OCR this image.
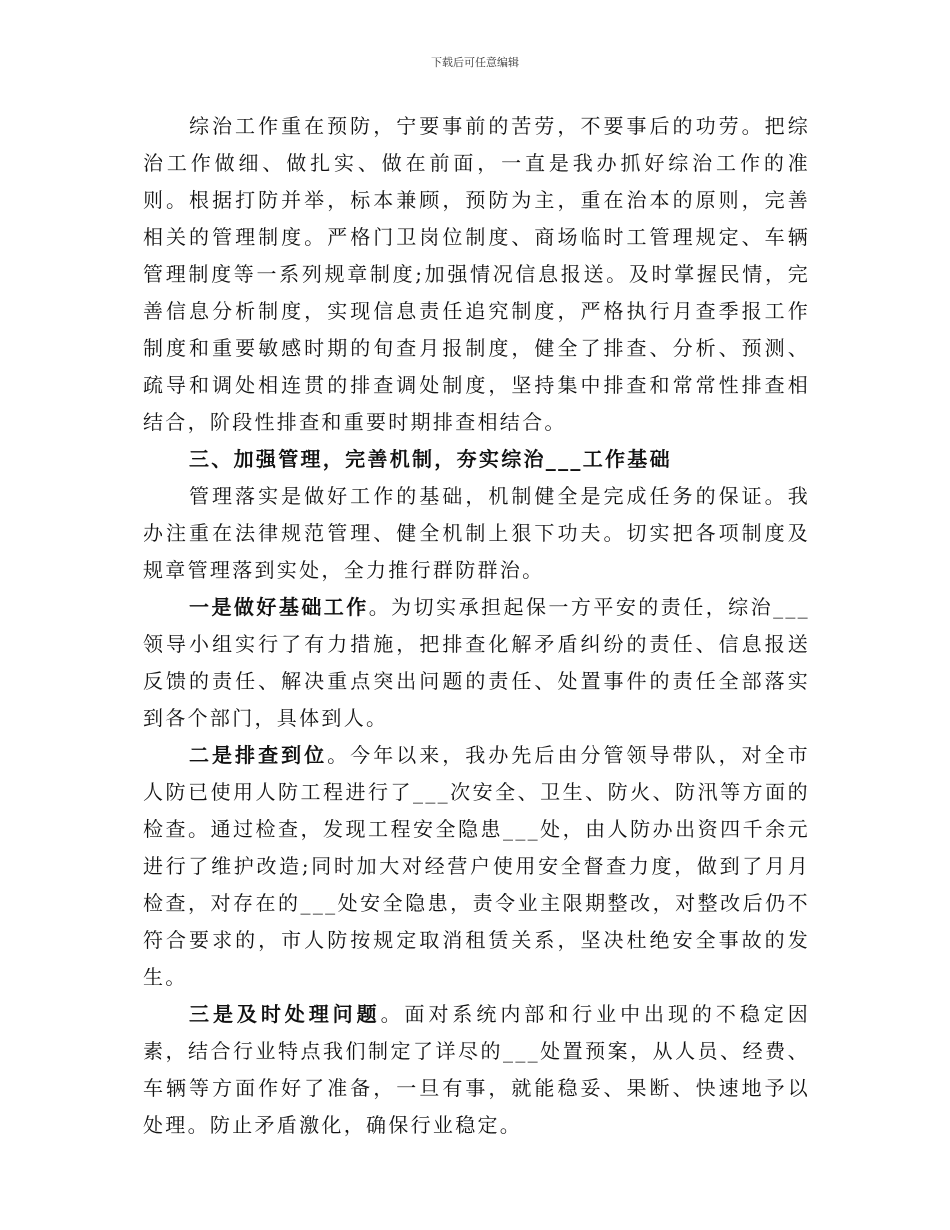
下载后可任意编辑

综治工作重在预防，宁要事前的苦劳，不要事后的功劳。把综治工作做细、做扎实、做在前面，一直是我办抓好综治工作的准则。根据打防并举，标本兼顾，预防为主，重在治本的原则，完善相关的管理制度。严格门卫岗位制度、商场临时工管理规定、车辆管理制度等一系列规章制度;加强情况信息报送。及时掌握民情，完善信息分析制度，实现信息责任追究制度，严格执行月查季报工作制度和重要敏感时期的旬查月报制度，健全了排查、分析、预测、疏导和调处相连贯的排查调处制度，坚持集中排查和常常性排查相结合，阶段性排查和重要时期排查相结合。

三、加强管理，完善机制，夯实综治___工作基础

管理落实是做好工作的基础，机制健全是完成任务的保证。我办注重在法律规范管理、健全机制上狠下功夫。切实把各项制度及规章管理落到实处，全力推行群防群治。

一是做好基础工作。为切实承担起保一方平安的责任，综治___领导小组实行了有力措施，把排查化解矛盾纠纷的责任、信息报送反馈的责任、解决重点突出问题的责任、处置事件的责任全部落实到各个部门，具体到人。

二是排查到位。今年以来，我办先后由分管领导带队，对全市人防已使用人防工程进行了___次安全、卫生、防火、防汛等方面的检查。通过检查，发现工程安全隐患___处，由人防办出资四千余元进行了维护改造;同时加大对经营户使用安全督查力度，做到了月月检查，对存在的___处安全隐患，责令业主限期整改，对整改后仍不符合要求的，市人防按规定取消租赁关系，坚决杜绝安全事故的发生。

三是及时处理问题。面对系统内部和行业中出现的不稳定因素，结合行业特点我们制定了详尽的___处置预案，从人员、经费、车辆等方面作好了准备，一旦有事，就能稳妥、果断、快速地予以处理。防止矛盾激化，确保行业稳定。
